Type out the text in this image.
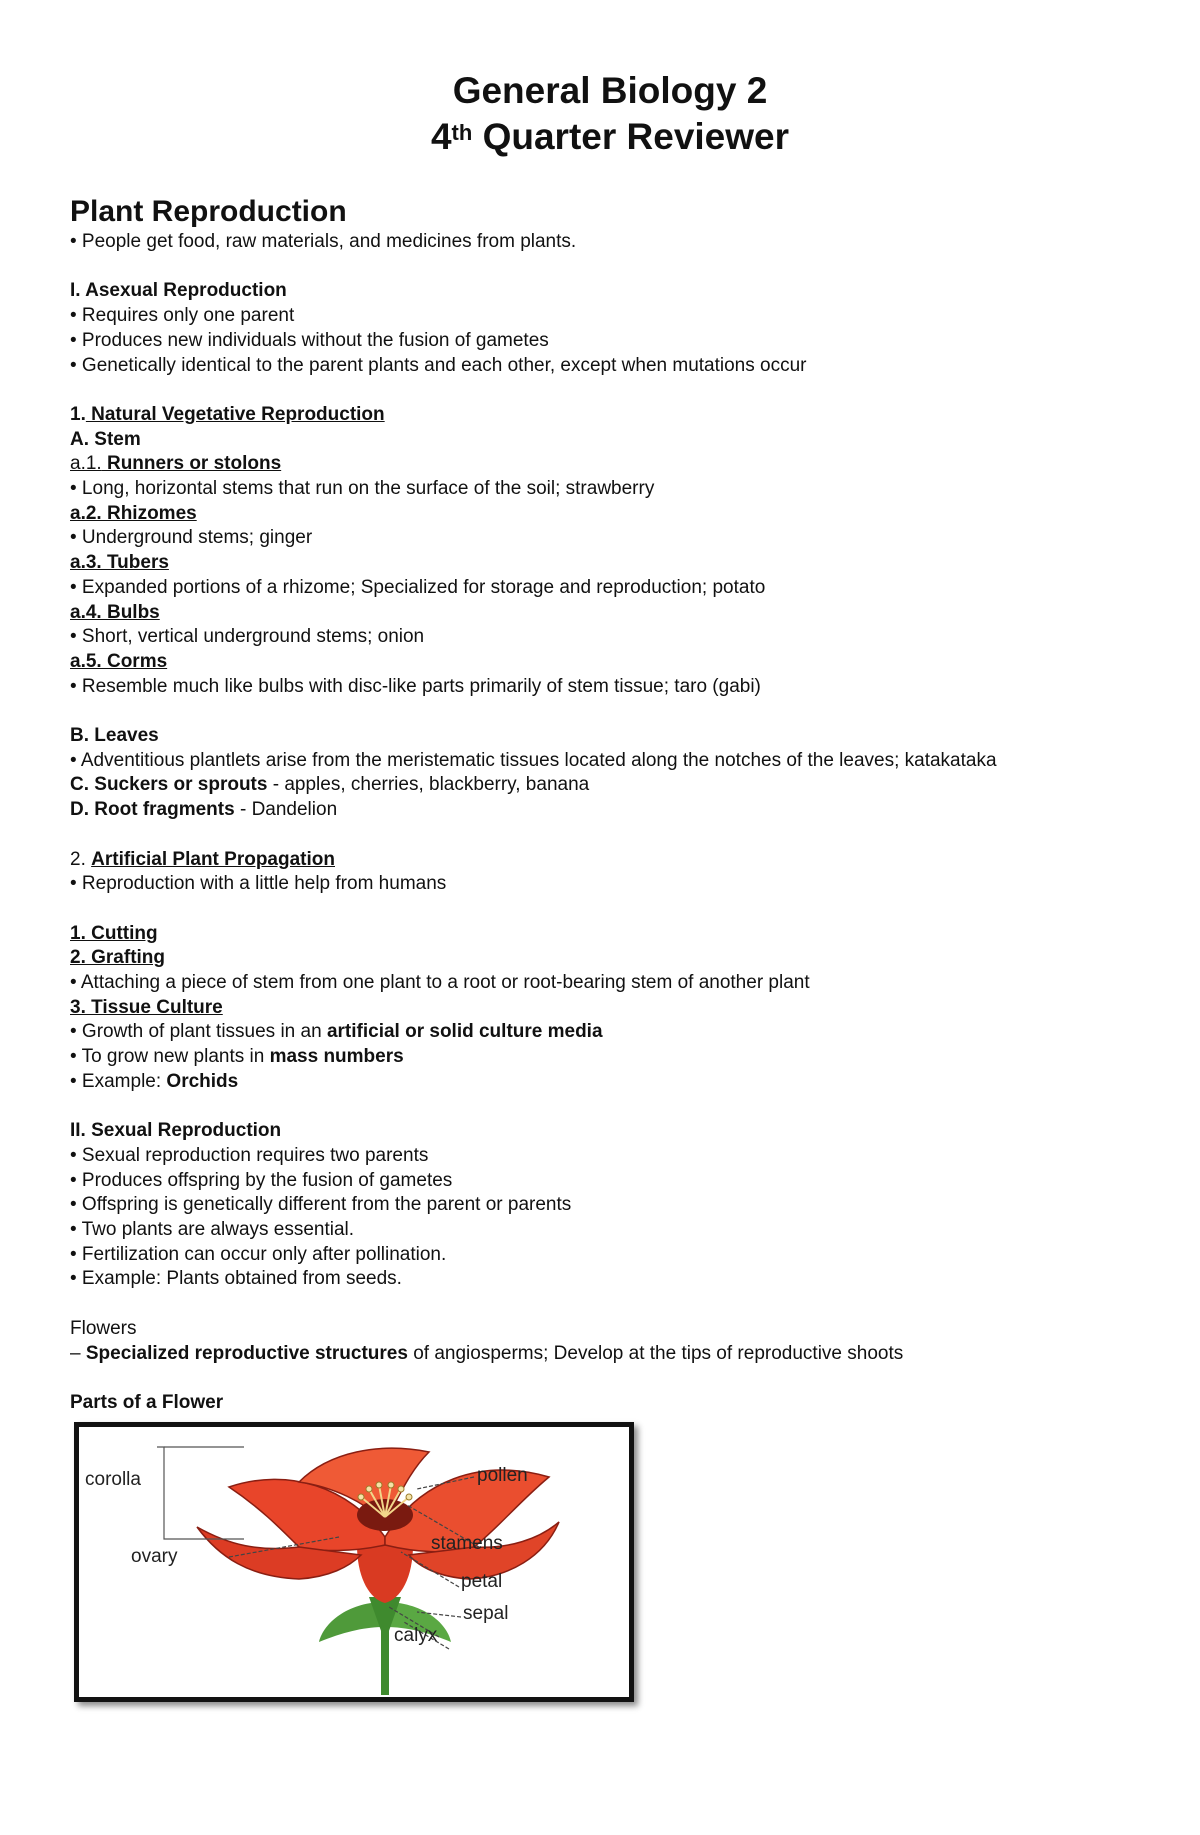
General Biology 2
4th Quarter Reviewer
Plant Reproduction
• People get food, raw materials, and medicines from plants.
I. Asexual Reproduction
• Requires only one parent
• Produces new individuals without the fusion of gametes
• Genetically identical to the parent plants and each other, except when mutations occur
1. Natural Vegetative Reproduction
A. Stem
a.1. Runners or stolons
• Long, horizontal stems that run on the surface of the soil; strawberry
a.2. Rhizomes
• Underground stems; ginger
a.3. Tubers
• Expanded portions of a rhizome; Specialized for storage and reproduction; potato
a.4. Bulbs
• Short, vertical underground stems; onion
a.5. Corms
• Resemble much like bulbs with disc-like parts primarily of stem tissue; taro (gabi)
B. Leaves
• Adventitious plantlets arise from the meristematic tissues located along the notches of the leaves; katakataka
C. Suckers or sprouts - apples, cherries, blackberry, banana
D. Root fragments - Dandelion
2. Artificial Plant Propagation
• Reproduction with a little help from humans
1. Cutting
2. Grafting
• Attaching a piece of stem from one plant to a root or root-bearing stem of another plant
3. Tissue Culture
• Growth of plant tissues in an artificial or solid culture media
• To grow new plants in mass numbers
• Example: Orchids
II. Sexual Reproduction
• Sexual reproduction requires two parents
• Produces offspring by the fusion of gametes
• Offspring is genetically different from the parent or parents
• Two plants are always essential.
• Fertilization can occur only after pollination.
• Example: Plants obtained from seeds.
Flowers
– Specialized reproductive structures of angiosperms; Develop at the tips of reproductive shoots
Parts of a Flower
corolla
ovary
pollen
stamens
petal
sepal
calyx
